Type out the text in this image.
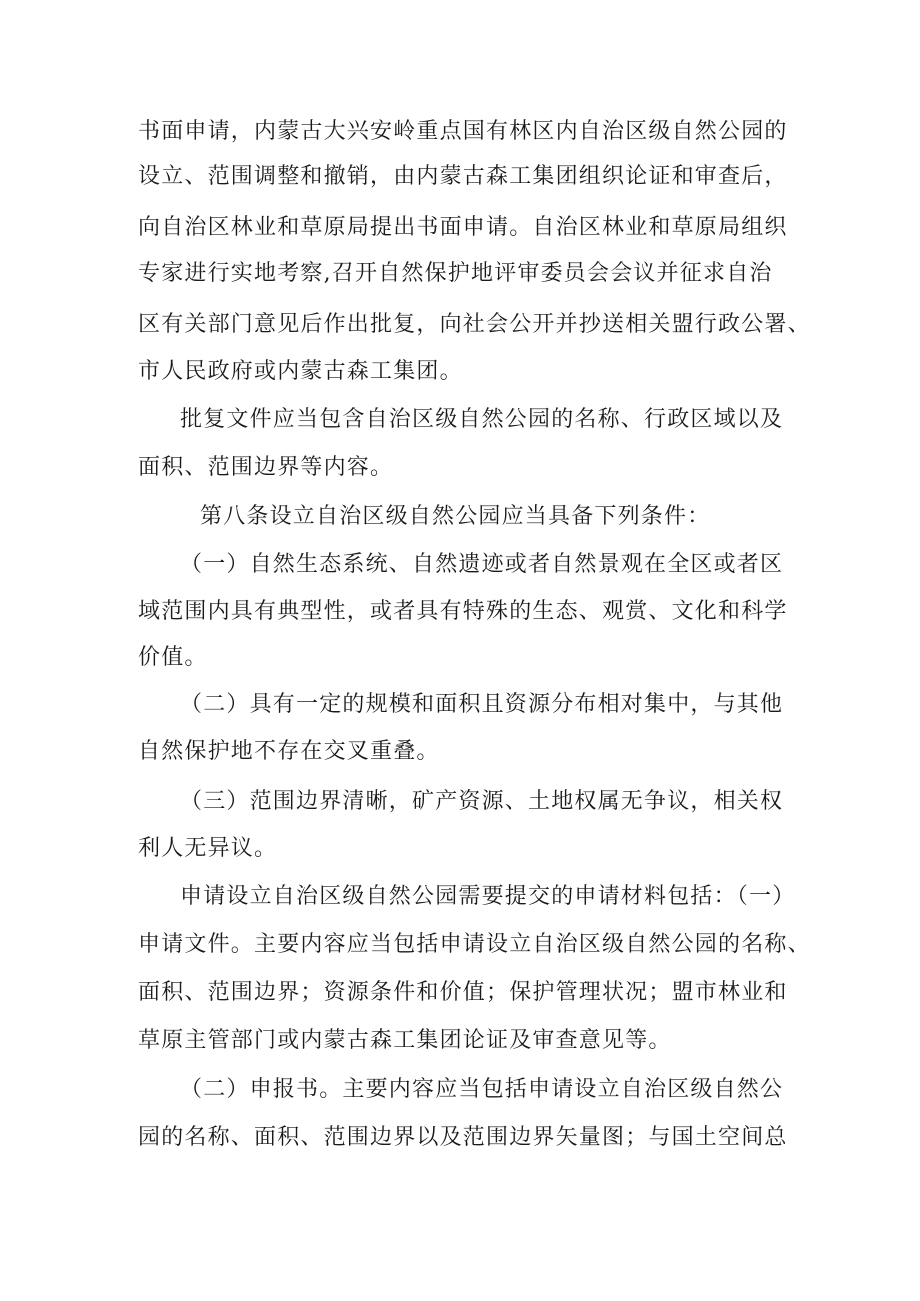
书面申请，内蒙古大兴安岭重点国有林区内自治区级自然公园的
设立、范围调整和撤销，由内蒙古森工集团组织论证和审查后，
向自治区林业和草原局提出书面申请。自治区林业和草原局组织
专家进行实地考察,召开自然保护地评审委员会会议并征求自治
区有关部门意见后作出批复，向社会公开并抄送相关盟行政公署、
市人民政府或内蒙古森工集团。
批复文件应当包含自治区级自然公园的名称、行政区域以及
面积、范围边界等内容。
第八条设立自治区级自然公园应当具备下列条件：
（一）自然生态系统、自然遗迹或者自然景观在全区或者区
域范围内具有典型性，或者具有特殊的生态、观赏、文化和科学
价值。
（二）具有一定的规模和面积且资源分布相对集中，与其他
自然保护地不存在交叉重叠。
（三）范围边界清晰，矿产资源、土地权属无争议，相关权
利人无异议。
申请设立自治区级自然公园需要提交的申请材料包括：（一）
申请文件。主要内容应当包括申请设立自治区级自然公园的名称、
面积、范围边界；资源条件和价值；保护管理状况；盟市林业和
草原主管部门或内蒙古森工集团论证及审查意见等。
（二）申报书。主要内容应当包括申请设立自治区级自然公
园的名称、面积、范围边界以及范围边界矢量图；与国土空间总
